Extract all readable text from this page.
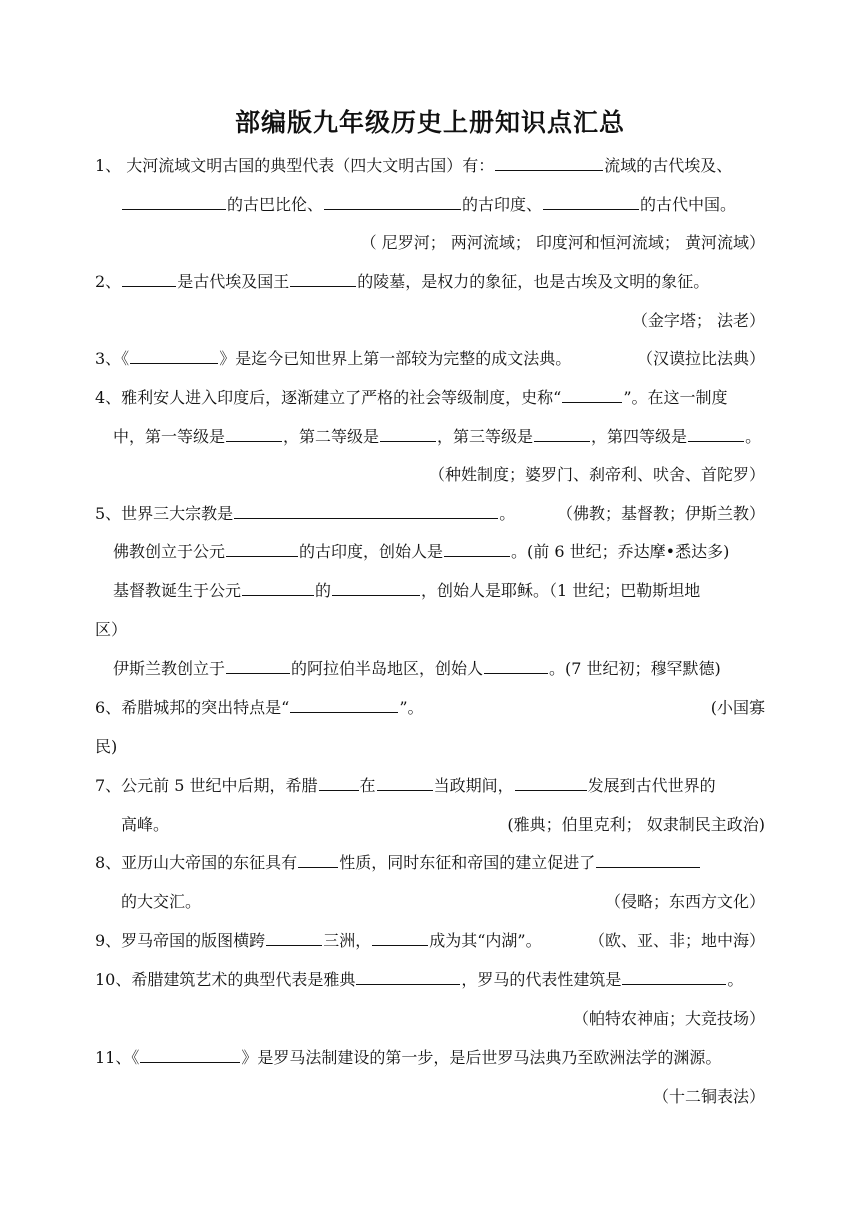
部编版九年级历史上册知识点汇总
1、 大河流域文明古国的典型代表（四大文明古国）有：	流域的古代埃及、
的古巴比伦、	的古印度、	的古代中国。
（ 尼罗河； 两河流域； 印度河和恒河流域； 黄河流域）
2、	是古代埃及国王	的陵墓，是权力的象征，也是古埃及文明的象征。
（金字塔； 法老）
3、《	》是迄今已知世界上第一部较为完整的成文法典。	（汉谟拉比法典）
4、雅利安人进入印度后，逐渐建立了严格的社会等级制度，史称“	”。在这一制度
中，第一等级是	，第二等级是	，第三等级是	，第四等级是	。
（种姓制度；婆罗门、刹帝利、吠舍、首陀罗）
5、世界三大宗教是	。	（佛教；基督教；伊斯兰教）
佛教创立于公元	的古印度，创始人是	。(前 6 世纪；乔达摩•悉达多)
基督教诞生于公元	的	，创始人是耶稣。（1 世纪；巴勒斯坦地
区）
伊斯兰教创立于	的阿拉伯半岛地区，创始人	。(7 世纪初；穆罕默德)
6、希腊城邦的突出特点是“	”。	(小国寡
民)
7、公元前 5 世纪中后期，希腊	在	当政期间，	发展到古代世界的
高峰。	(雅典；伯里克利； 奴隶制民主政治)
8、亚历山大帝国的东征具有	性质，同时东征和帝国的建立促进了
的大交汇。	（侵略；东西方文化）
9、罗马帝国的版图横跨	三洲，	成为其“内湖”。	（欧、亚、非；地中海）
10、希腊建筑艺术的典型代表是雅典	，罗马的代表性建筑是	。
（帕特农神庙；大竞技场）
11、《	》是罗马法制建设的第一步，是后世罗马法典乃至欧洲法学的渊源。
（十二铜表法）
